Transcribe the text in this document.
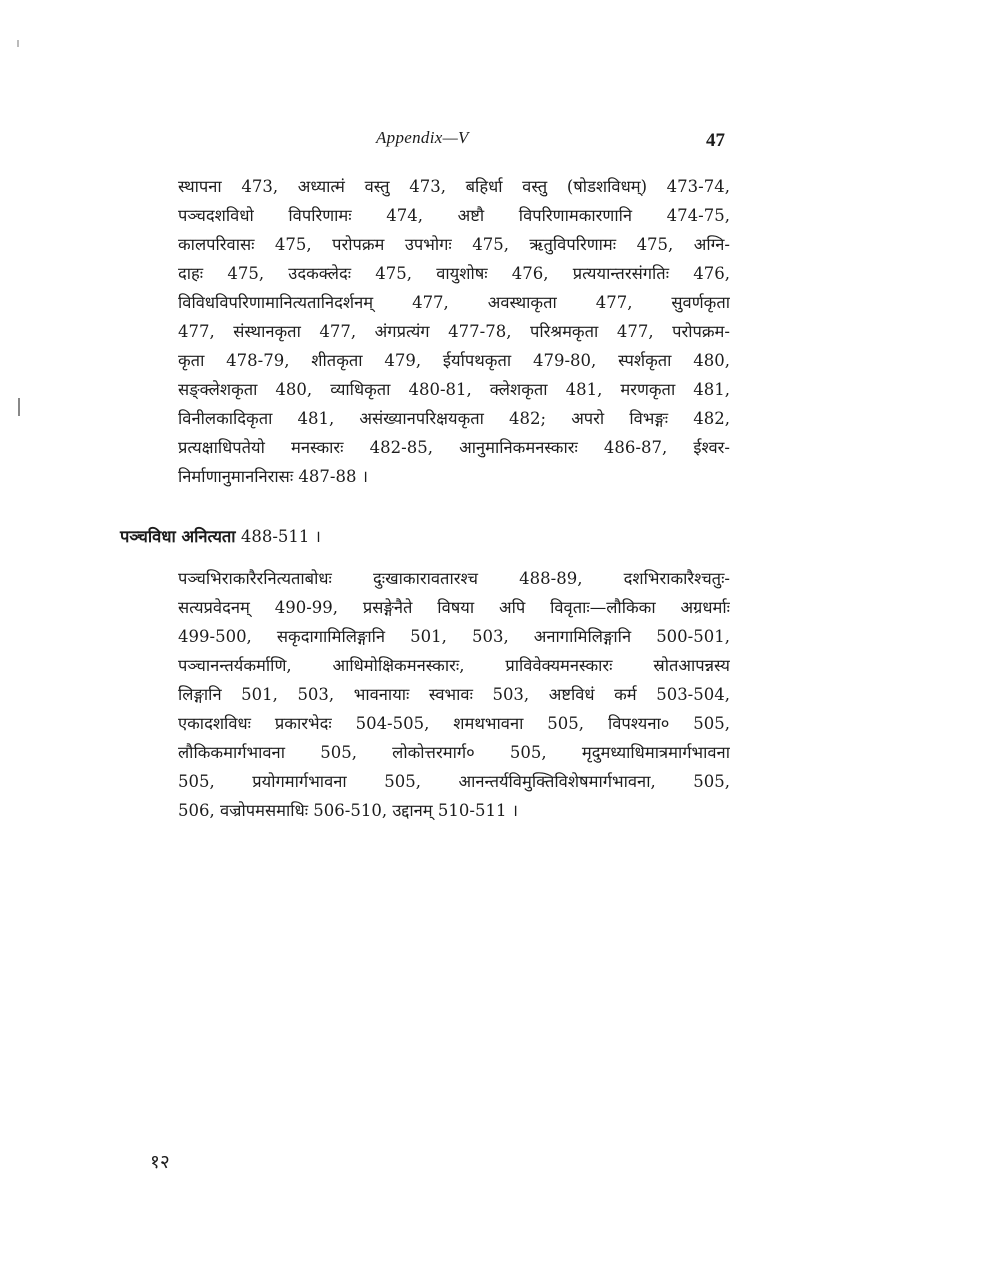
Appendix—V	47
स्थापना 473, अध्यात्मं वस्तु 473, बहिर्धा वस्तु (षोडशविधम्) 473-74,
पञ्चदशविधो विपरिणामः 474, अष्टौ विपरिणामकारणानि 474-75,
कालपरिवासः 475, परोपक्रम उपभोगः 475, ऋतुविपरिणामः 475, अग्नि-
दाहः 475, उदकक्लेदः 475, वायुशोषः 476, प्रत्ययान्तरसंगतिः 476,
विविधविपरिणामानित्यतानिदर्शनम् 477, अवस्थाकृता 477, सुवर्णकृता
477, संस्थानकृता 477, अंगप्रत्यंग 477-78, परिश्रमकृता 477, परोपक्रम-
कृता 478-79, शीतकृता 479, ईर्यापथकृता 479-80, स्पर्शकृता 480,
सङ्क्लेशकृता 480, व्याधिकृता 480-81, क्लेशकृता 481, मरणकृता 481,
विनीलकादिकृता 481, असंख्यानपरिक्षयकृता 482; अपरो विभङ्गः 482,
प्रत्यक्षाधिपतेयो मनस्कारः 482-85, आनुमानिकमनस्कारः 486-87, ईश्वर-
निर्माणानुमाननिरासः 487-88 ।
पञ्चविधा अनित्यता 488-511 ।
पञ्चभिराकारैरनित्यताबोधः दुःखाकारावतारश्च 488-89, दशभिराकारैश्चतुः-
सत्यप्रवेदनम् 490-99, प्रसङ्गेनैते विषया अपि विवृताः—लौकिका अग्रधर्माः
499-500, सकृदागामिलिङ्गानि 501, 503, अनागामिलिङ्गानि 500-501,
पञ्चानन्तर्यकर्माणि, आधिमोक्षिकमनस्कारः, प्राविवेक्यमनस्कारः स्रोतआपन्नस्य
लिङ्गानि 501, 503, भावनायाः स्वभावः 503, अष्टविधं कर्म 503-504,
एकादशविधः प्रकारभेदः 504-505, शमथभावना 505, विपश्यना० 505,
लौकिकमार्गभावना 505, लोकोत्तरमार्ग० 505, मृदुमध्याधिमात्रमार्गभावना
505, प्रयोगमार्गभावना 505, आनन्तर्यविमुक्तिविशेषमार्गभावना, 505,
506, वज्रोपमसमाधिः 506-510, उद्दानम् 510-511 ।
१२
